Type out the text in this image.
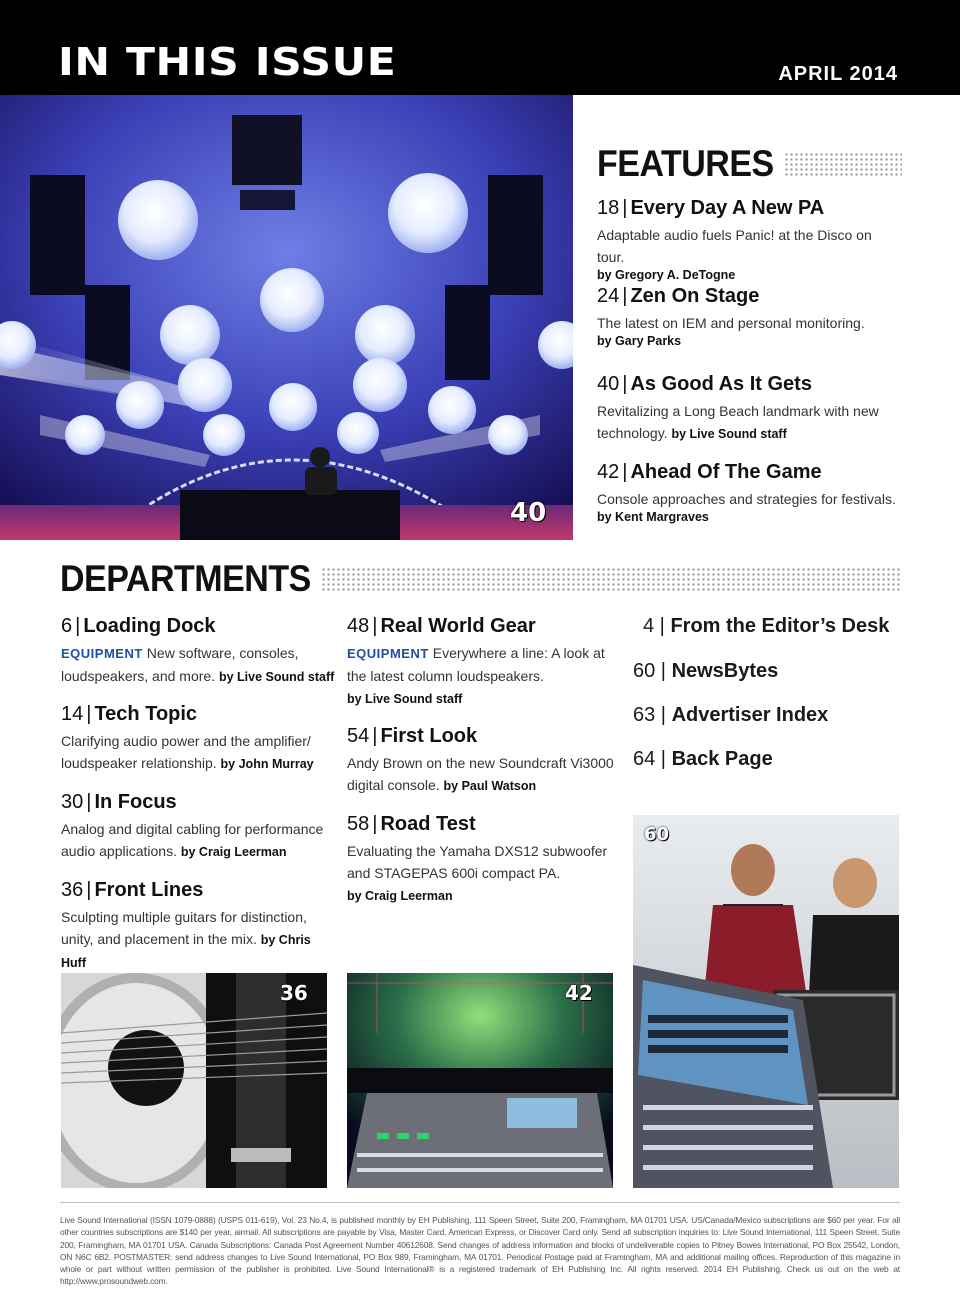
IN THIS ISSUE	APRIL 2014
40
FEATURES
18 | Every Day A New PA
Adaptable audio fuels Panic! at the Disco on tour.
by Gregory A. DeTogne
24 | Zen On Stage
The latest on IEM and personal monitoring.
by Gary Parks
40 | As Good As It Gets
Revitalizing a Long Beach landmark with new
technology. by Live Sound staff
42 | Ahead Of The Game
Console approaches and strategies for festivals.
by Kent Margraves
DEPARTMENTS
6 | Loading Dock
EQUIPMENT New software, consoles,
loudspeakers, and more. by Live Sound staff
14 | Tech Topic
Clarifying audio power and the amplifier/
loudspeaker relationship. by John Murray
30 | In Focus
Analog and digital cabling for performance
audio applications. by Craig Leerman
36 | Front Lines
Sculpting multiple guitars for distinction,
unity, and placement in the mix. by Chris Huff
48 | Real World Gear
EQUIPMENT Everywhere a line: A look at
the latest column loudspeakers.
by Live Sound staff
54 | First Look
Andy Brown on the new Soundcraft Vi3000
digital console. by Paul Watson
58 | Road Test
Evaluating the Yamaha DXS12 subwoofer
and STAGEPAS 600i compact PA.
by Craig Leerman
4 | From the Editor’s Desk
60 | NewsBytes
63 | Advertiser Index
64 | Back Page
60
36	42
Live Sound International (ISSN 1079-0888) (USPS 011-619), Vol. 23 No.4, is published monthly by EH Publishing, 111 Speen Street, Suite 200, Framingham, MA 01701 USA. US/Canada/Mexico subscriptions are $60 per year. For all other countries subscriptions are $140 per year, airmail. All subscriptions are payable by Visa, Master Card, American Express, or Discover Card only. Send all subscription inquiries to: Live Sound International, 111 Speen Street, Suite 200, Framingham, MA 01701 USA. Canada Subscriptions: Canada Post Agreement Number 40612608. Send changes of address information and blocks of undeliverable copies to Pitney Bowes International, PO Box 25542, London, ON N6C 6B2. POSTMASTER: send address changes to Live Sound International, PO Box 989, Framingham, MA 01701. Periodical Postage paid at Framingham, MA and additional mailing offices. Reproduction of this magazine in whole or part without written permission of the publisher is prohibited. Live Sound International® is a registered trademark of EH Publishing Inc. All rights reserved. 2014 EH Publishing. Check us out on the web at http://www.prosoundweb.com.
